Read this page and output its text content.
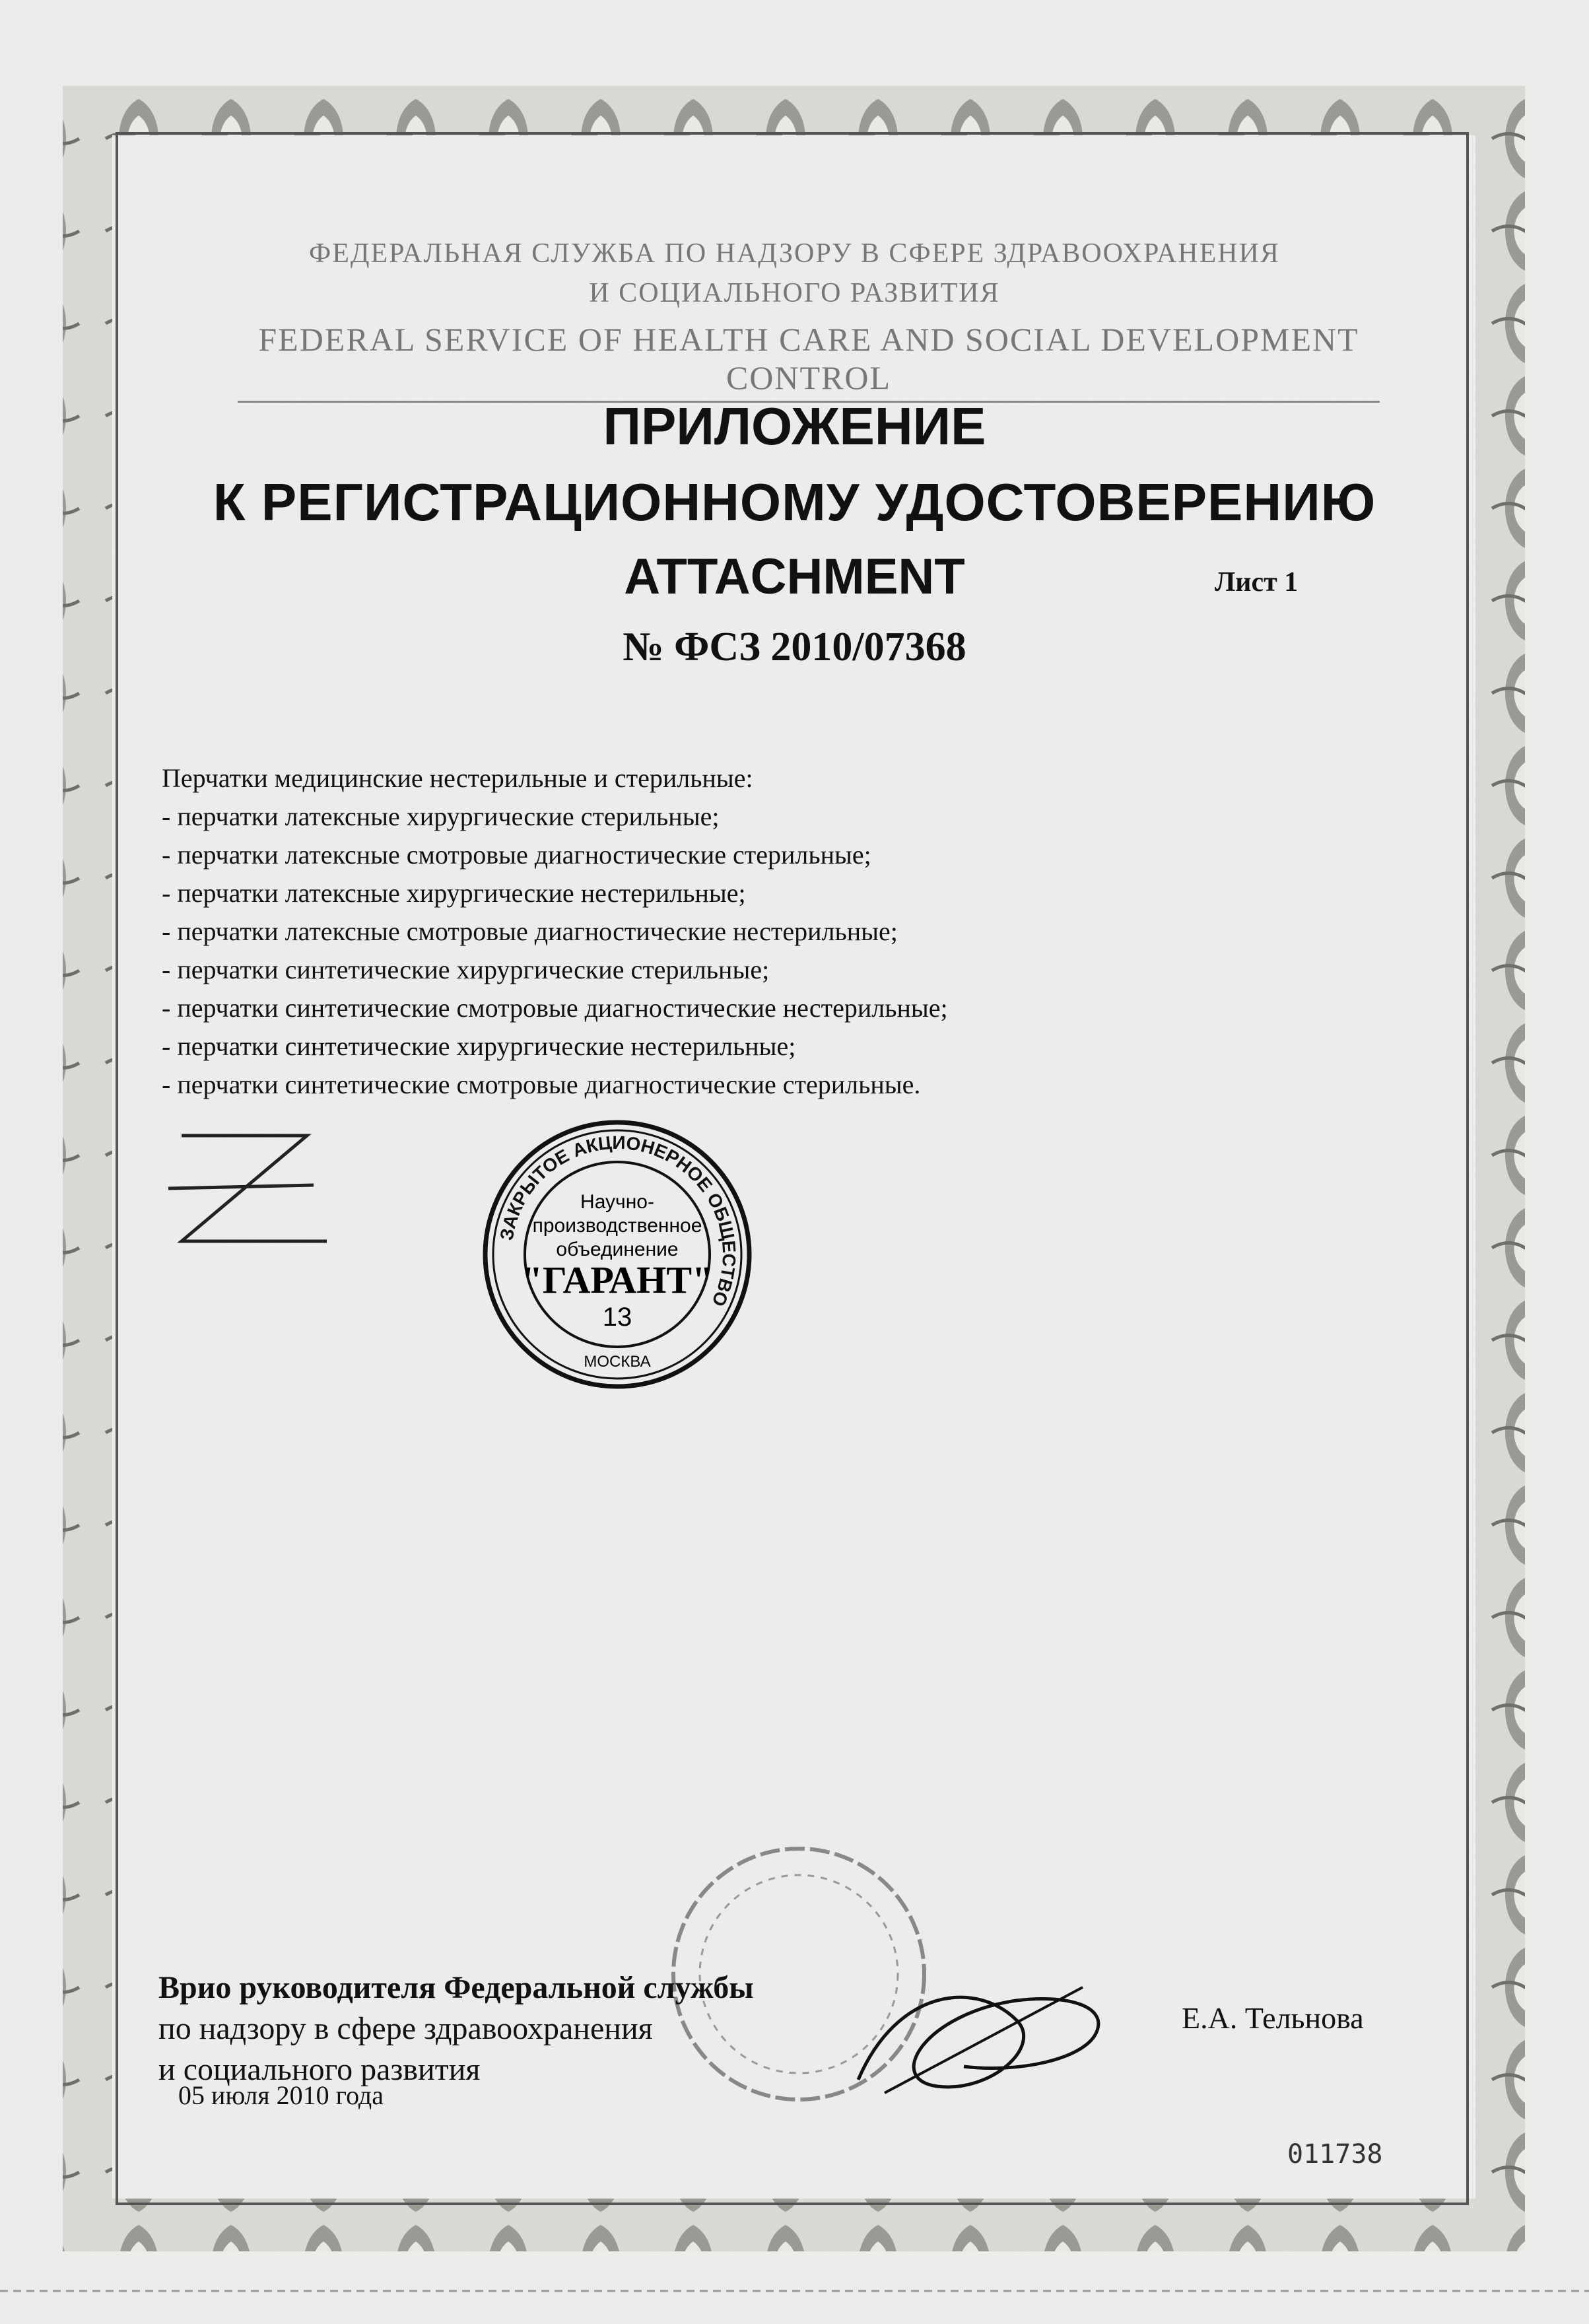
ФЕДЕРАЛЬНАЯ СЛУЖБА ПО НАДЗОРУ В СФЕРЕ ЗДРАВООХРАНЕНИЯ
И СОЦИАЛЬНОГО РАЗВИТИЯ
FEDERAL SERVICE OF HEALTH CARE AND SOCIAL DEVELOPMENT CONTROL
ПРИЛОЖЕНИЕ
К РЕГИСТРАЦИОННОМУ УДОСТОВЕРЕНИЮ
ATTACHMENT	Лист 1
№ ФСЗ 2010/07368
Перчатки медицинские нестерильные и стерильные:
- перчатки латексные хирургические стерильные;
- перчатки латексные смотровые диагностические стерильные;
- перчатки латексные хирургические нестерильные;
- перчатки латексные смотровые диагностические нестерильные;
- перчатки синтетические хирургические стерильные;
- перчатки синтетические смотровые диагностические нестерильные;
- перчатки синтетические хирургические нестерильные;
- перчатки синтетические смотровые диагностические стерильные.
ЗАКРЫТОЕ АКЦИОНЕРНОЕ ОБЩЕСТВО
Научно-
производственное
объединение
"ГАРАНТ"
13
МОСКВА
Врио руководителя Федеральной службы
по надзору в сфере здравоохранения
и социального развития
05 июля 2010 года
Е.А. Тельнова
011738
